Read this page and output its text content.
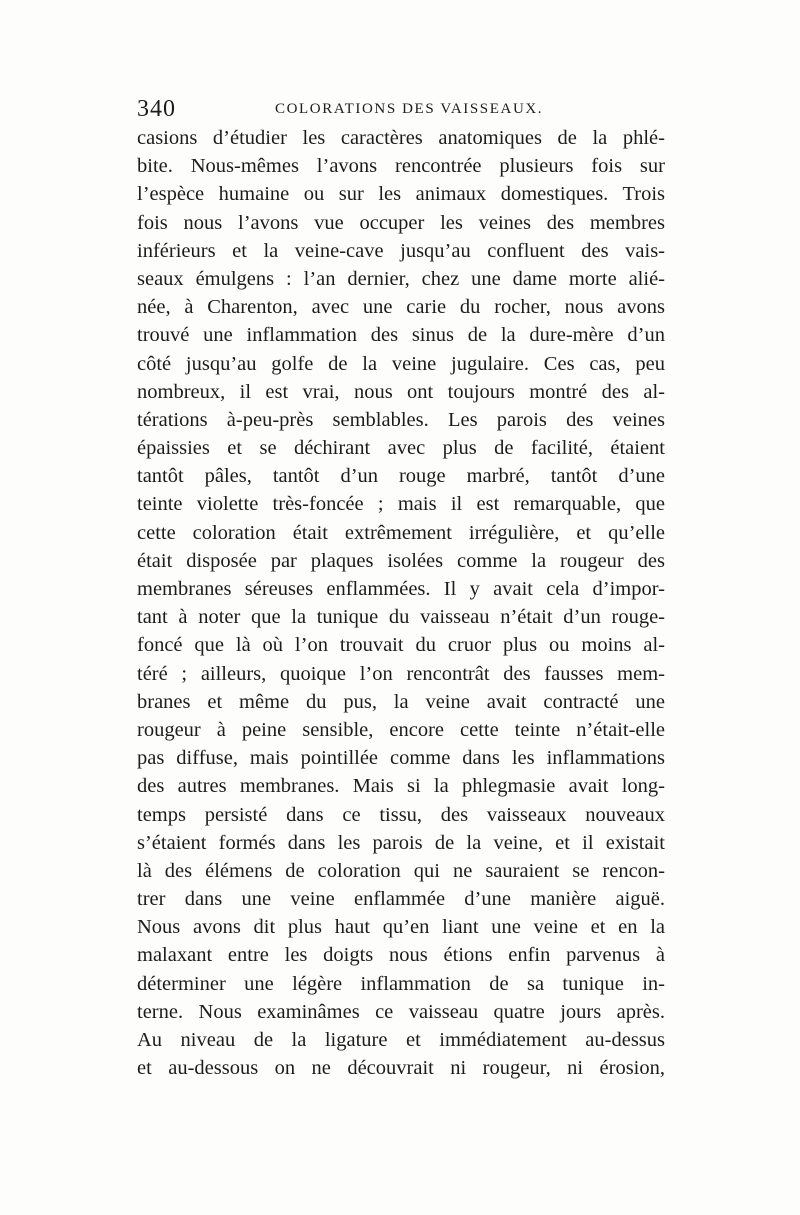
340	COLORATIONS DES VAISSEAUX.
casions d’étudier les caractères anatomiques de la phlé-
bite. Nous-mêmes l’avons rencontrée plusieurs fois sur
l’espèce humaine ou sur les animaux domestiques. Trois
fois nous l’avons vue occuper les veines des membres
inférieurs et la veine-cave jusqu’au confluent des vais-
seaux émulgens : l’an dernier, chez une dame morte alié-
née, à Charenton, avec une carie du rocher, nous avons
trouvé une inflammation des sinus de la dure-mère d’un
côté jusqu’au golfe de la veine jugulaire. Ces cas, peu
nombreux, il est vrai, nous ont toujours montré des al-
térations à-peu-près semblables. Les parois des veines
épaissies et se déchirant avec plus de facilité, étaient
tantôt pâles, tantôt d’un rouge marbré, tantôt d’une
teinte violette très-foncée ; mais il est remarquable, que
cette coloration était extrêmement irrégulière, et qu’elle
était disposée par plaques isolées comme la rougeur des
membranes séreuses enflammées. Il y avait cela d’impor-
tant à noter que la tunique du vaisseau n’était d’un rouge-
foncé que là où l’on trouvait du cruor plus ou moins al-
téré ; ailleurs, quoique l’on rencontrât des fausses mem-
branes et même du pus, la veine avait contracté une
rougeur à peine sensible, encore cette teinte n’était-elle
pas diffuse, mais pointillée comme dans les inflammations
des autres membranes. Mais si la phlegmasie avait long-
temps persisté dans ce tissu, des vaisseaux nouveaux
s’étaient formés dans les parois de la veine, et il existait
là des élémens de coloration qui ne sauraient se rencon-
trer dans une veine enflammée d’une manière aiguë.
Nous avons dit plus haut qu’en liant une veine et en la
malaxant entre les doigts nous étions enfin parvenus à
déterminer une légère inflammation de sa tunique in-
terne. Nous examinâmes ce vaisseau quatre jours après.
Au niveau de la ligature et immédiatement au-dessus
et au-dessous on ne découvrait ni rougeur, ni érosion,
